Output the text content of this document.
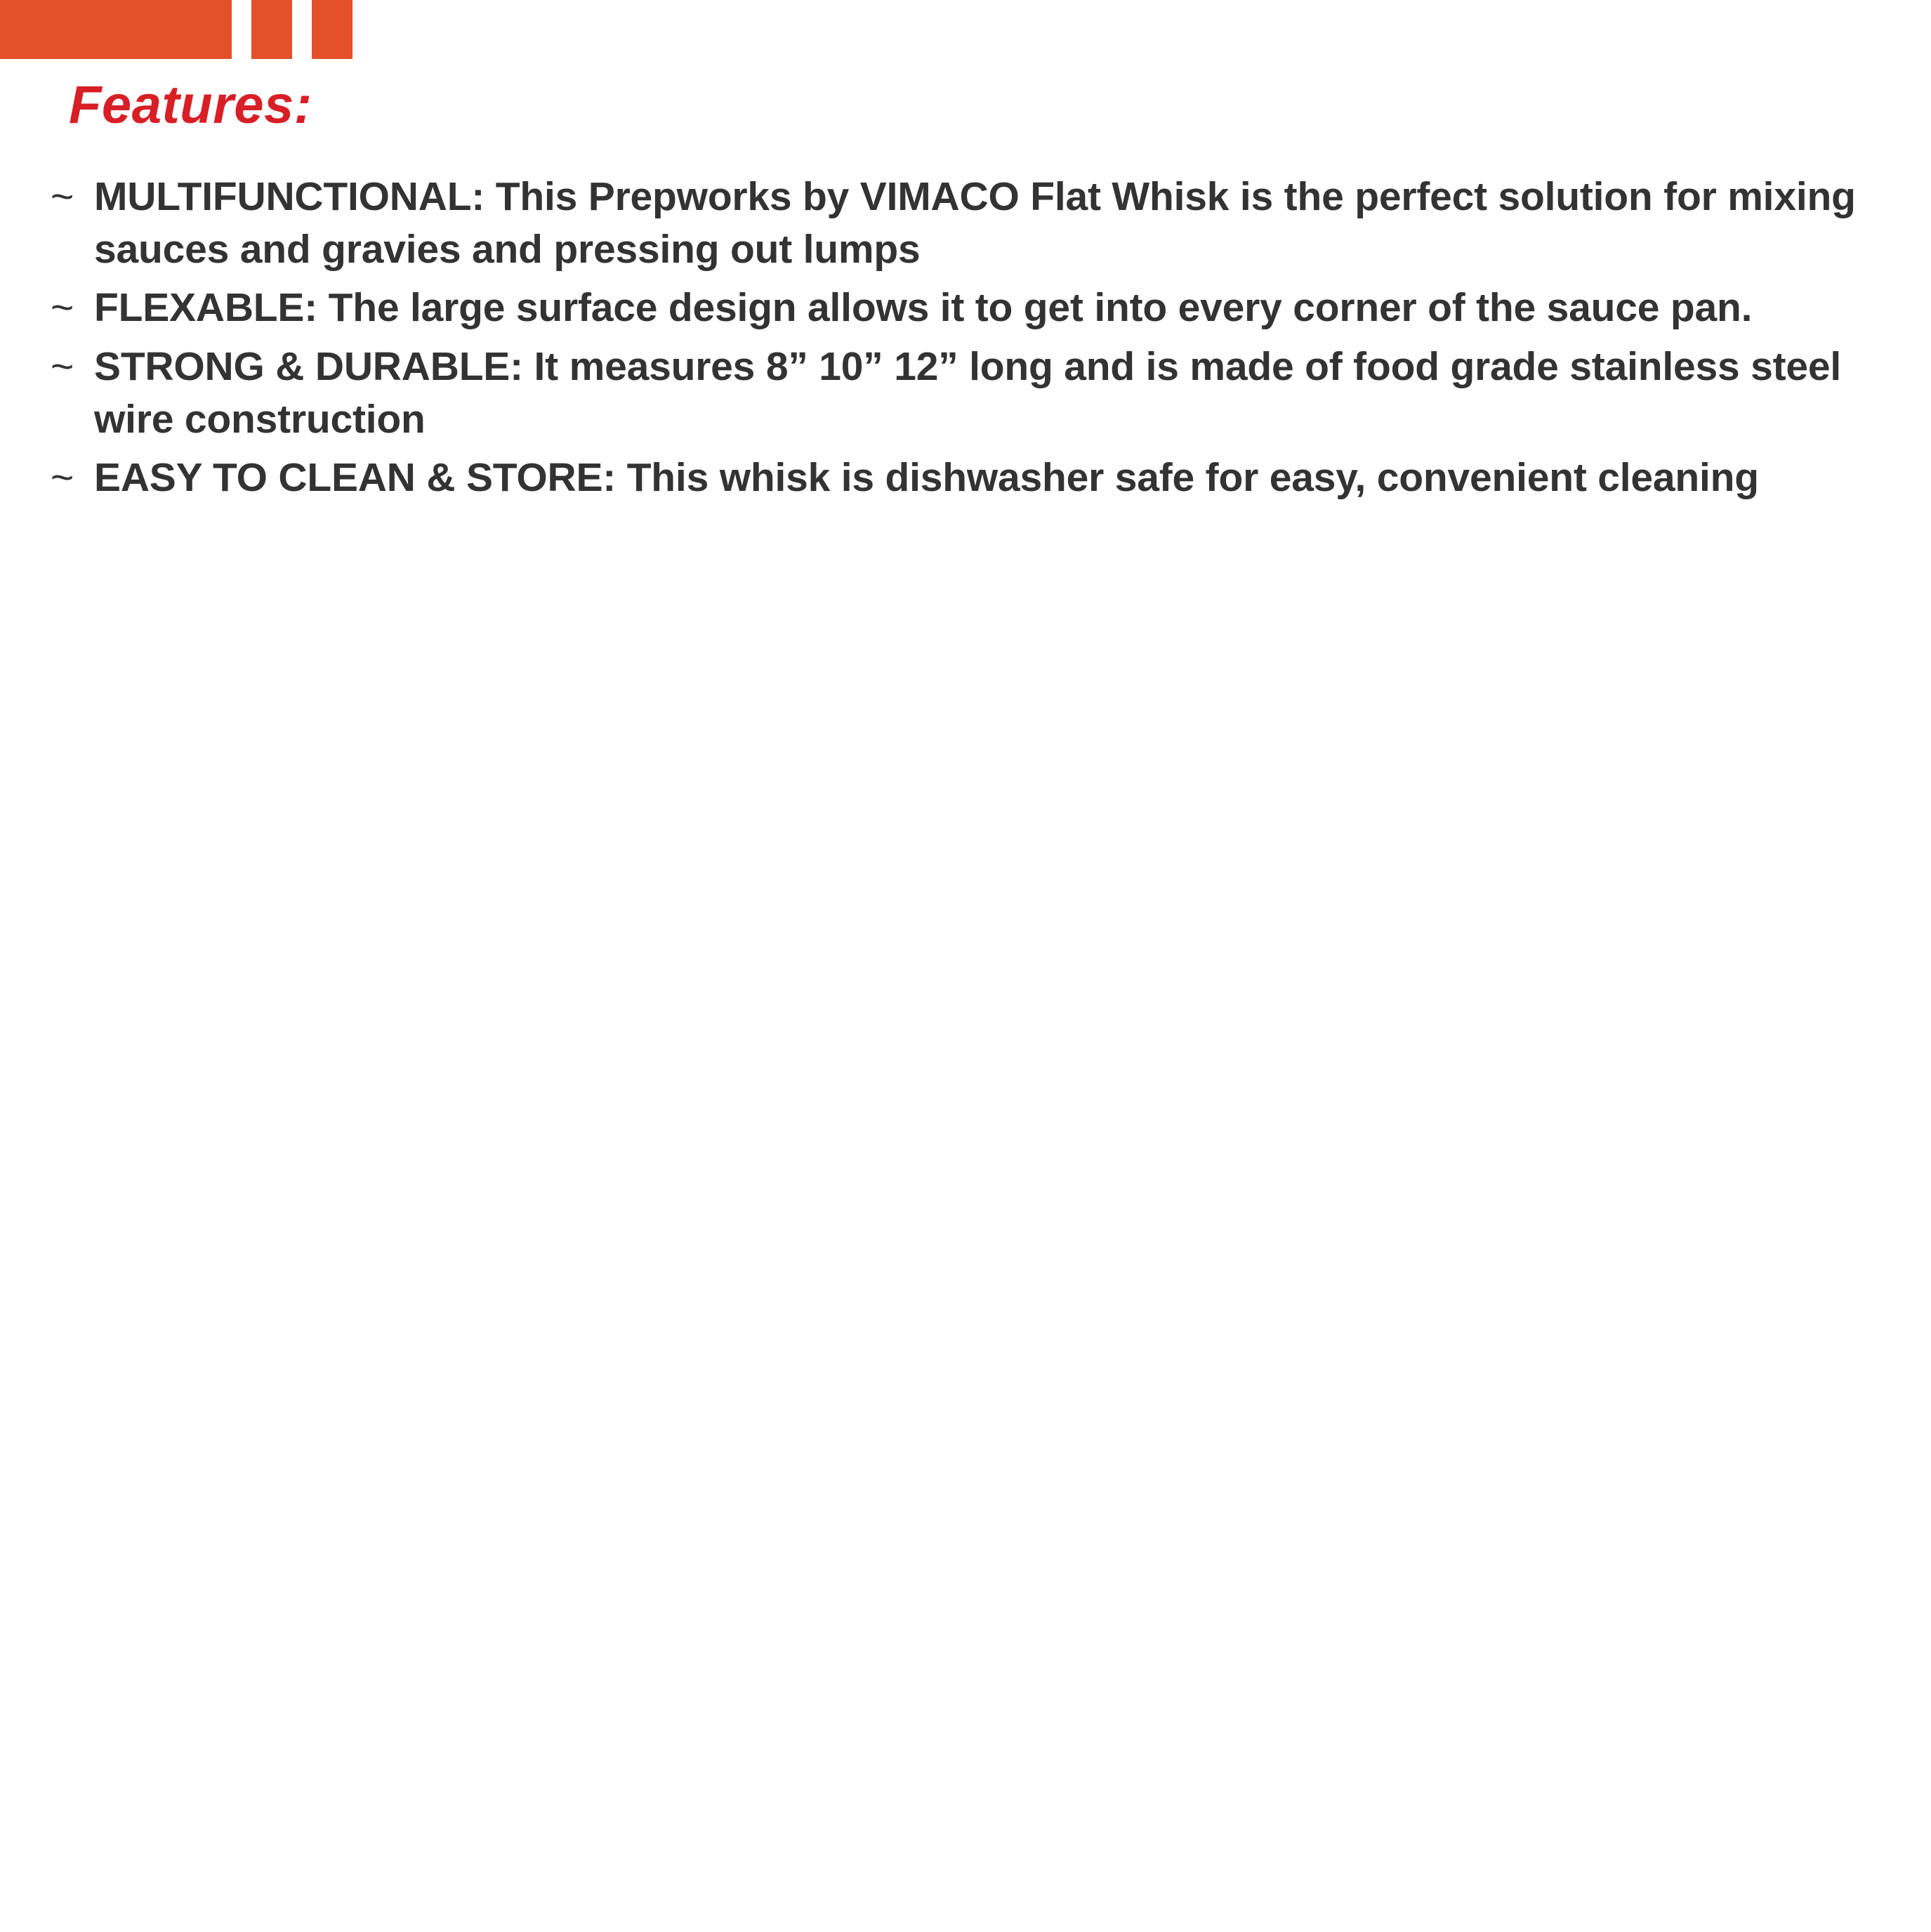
Features:
~ MULTIFUNCTIONAL: This Prepworks by VIMACO Flat Whisk is the perfect solution for mixing sauces and gravies and pressing out lumps
~ FLEXABLE: The large surface design allows it to get into every corner of the sauce pan.
~ STRONG & DURABLE: It measures 8” 10” 12” long and is made of food grade stainless steel wire construction
~ EASY TO CLEAN & STORE: This whisk is dishwasher safe for easy, convenient cleaning
